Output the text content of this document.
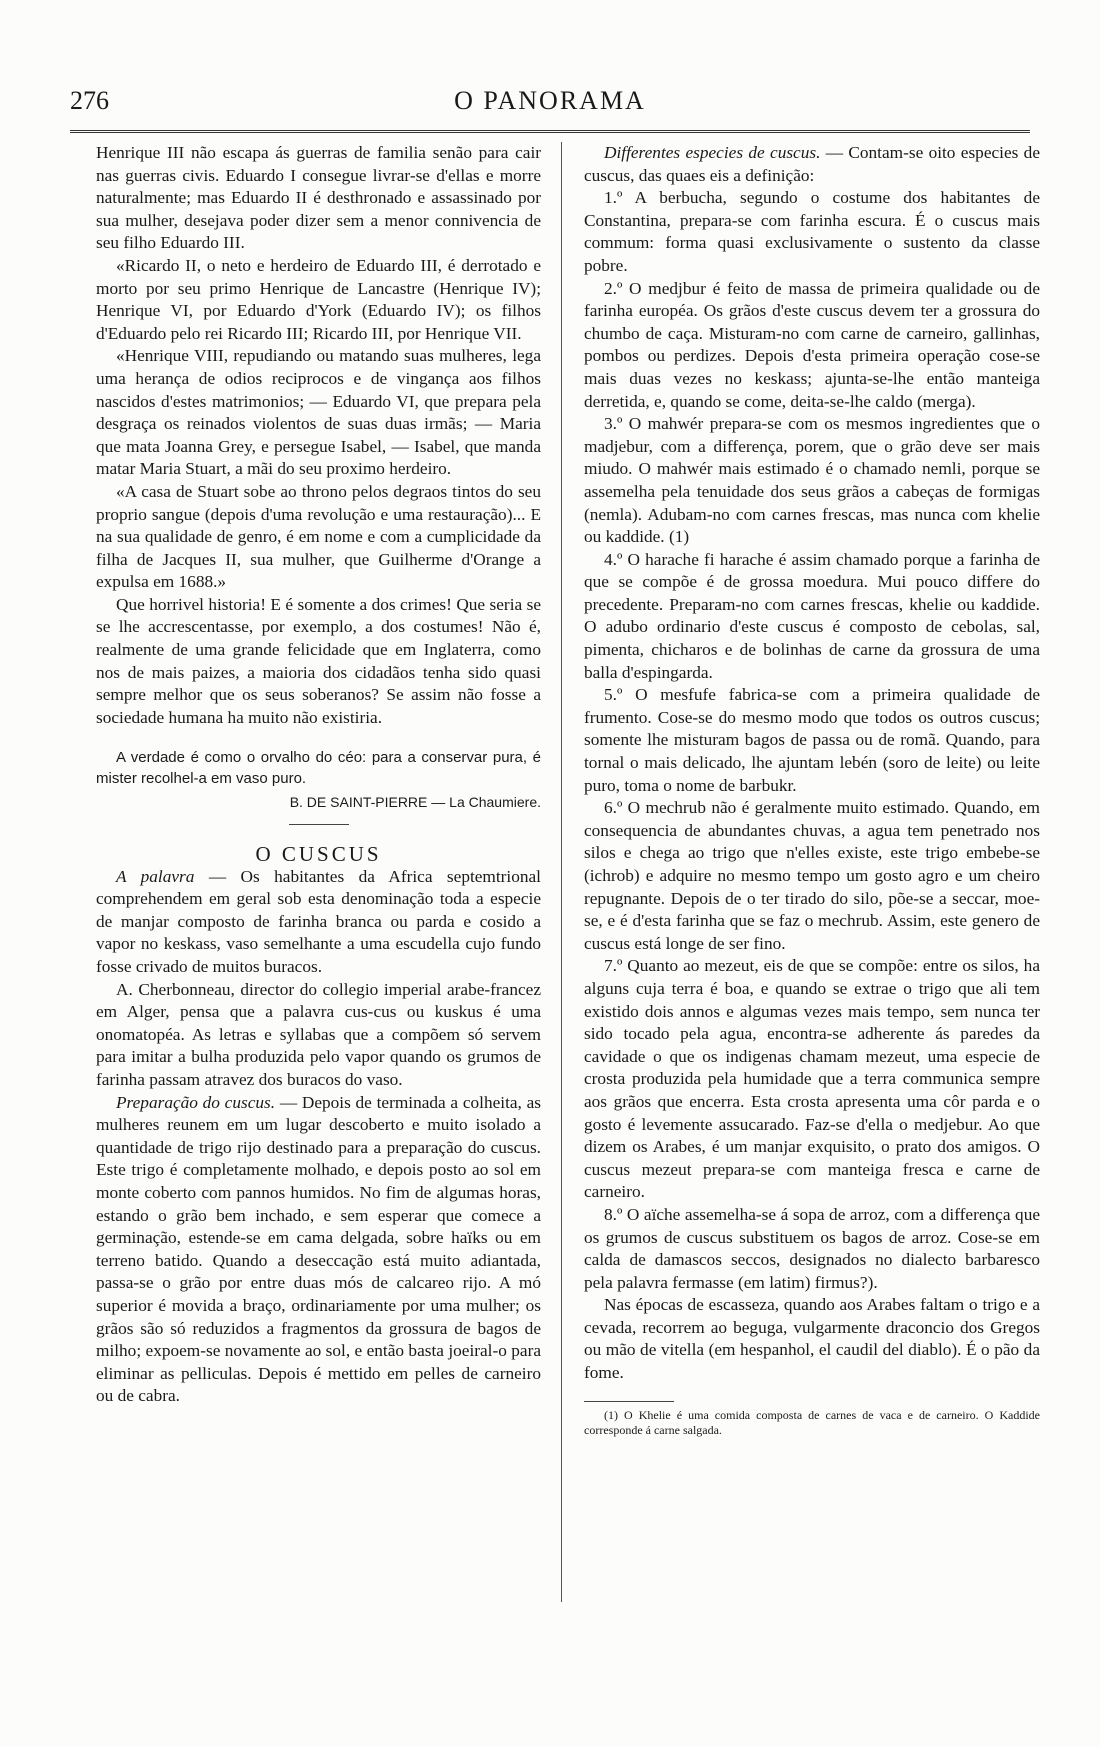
276	O PANORAMA

Henrique III não escapa ás guerras de familia senão para cair nas guerras civis. Eduardo I consegue livrar-se d'ellas e morre naturalmente; mas Eduardo II é desthronado e assassinado por sua mulher, desejava poder dizer sem a menor connivencia de seu filho Eduardo III.

«Ricardo II, o neto e herdeiro de Eduardo III, é derrotado e morto por seu primo Henrique de Lancastre (Henrique IV); Henrique VI, por Eduardo d'York (Eduardo IV); os filhos d'Eduardo pelo rei Ricardo III; Ricardo III, por Henrique VII.

«Henrique VIII, repudiando ou matando suas mulheres, lega uma herança de odios reciprocos e de vingança aos filhos nascidos d'estes matrimonios; — Eduardo VI, que prepara pela desgraça os reinados violentos de suas duas irmãs; — Maria que mata Joanna Grey, e persegue Isabel, — Isabel, que manda matar Maria Stuart, a mãi do seu proximo herdeiro.

«A casa de Stuart sobe ao throno pelos degraos tintos do seu proprio sangue (depois d'uma revolução e uma restauração)... E na sua qualidade de genro, é em nome e com a cumplicidade da filha de Jacques II, sua mulher, que Guilherme d'Orange a expulsa em 1688.»

Que horrivel historia! E é somente a dos crimes! Que seria se se lhe accrescentasse, por exemplo, a dos costumes! Não é, realmente de uma grande felicidade que em Inglaterra, como nos de mais paizes, a maioria dos cidadãos tenha sido quasi sempre melhor que os seus soberanos? Se assim não fosse a sociedade humana ha muito não existiria.

A verdade é como o orvalho do céo: para a conservar pura, é mister recolhel-a em vaso puro.

B. DE SAINT-PIERRE — La Chaumiere.

O CUSCUS

A palavra — Os habitantes da Africa septemtrional comprehendem em geral sob esta denominação toda a especie de manjar composto de farinha branca ou parda e cosido a vapor no keskass, vaso semelhante a uma escudella cujo fundo fosse crivado de muitos buracos.

A. Cherbonneau, director do collegio imperial arabe-francez em Alger, pensa que a palavra cus-cus ou kuskus é uma onomatopéa. As letras e syllabas que a compõem só servem para imitar a bulha produzida pelo vapor quando os grumos de farinha passam atravez dos buracos do vaso.

Preparação do cuscus. — Depois de terminada a colheita, as mulheres reunem em um lugar descoberto e muito isolado a quantidade de trigo rijo destinado para a preparação do cuscus. Este trigo é completamente molhado, e depois posto ao sol em monte coberto com pannos humidos. No fim de algumas horas, estando o grão bem inchado, e sem esperar que comece a germinação, estende-se em cama delgada, sobre haïks ou em terreno batido. Quando a deseccação está muito adiantada, passa-se o grão por entre duas mós de calcareo rijo. A mó superior é movida a braço, ordinariamente por uma mulher; os grãos são só reduzidos a fragmentos da grossura de bagos de milho; expoem-se novamente ao sol, e então basta joeiral-o para eliminar as pelliculas. Depois é mettido em pelles de carneiro ou de cabra.

Differentes especies de cuscus. — Contam-se oito especies de cuscus, das quaes eis a definição:

1.º A berbucha, segundo o costume dos habitantes de Constantina, prepara-se com farinha escura. É o cuscus mais commum: forma quasi exclusivamente o sustento da classe pobre.

2.º O medjbur é feito de massa de primeira qualidade ou de farinha européa. Os grãos d'este cuscus devem ter a grossura do chumbo de caça. Misturam-no com carne de carneiro, gallinhas, pombos ou perdizes. Depois d'esta primeira operação cose-se mais duas vezes no keskass; ajunta-se-lhe então manteiga derretida, e, quando se come, deita-se-lhe caldo (merga).

3.º O mahwér prepara-se com os mesmos ingredientes que o madjebur, com a differença, porem, que o grão deve ser mais miudo. O mahwér mais estimado é o chamado nemli, porque se assemelha pela tenuidade dos seus grãos a cabeças de formigas (nemla). Adubam-no com carnes frescas, mas nunca com khelie ou kaddide. (1)

4.º O harache fi harache é assim chamado porque a farinha de que se compõe é de grossa moedura. Mui pouco differe do precedente. Preparam-no com carnes frescas, khelie ou kaddide. O adubo ordinario d'este cuscus é composto de cebolas, sal, pimenta, chicharos e de bolinhas de carne da grossura de uma balla d'espingarda.

5.º O mesfufe fabrica-se com a primeira qualidade de frumento. Cose-se do mesmo modo que todos os outros cuscus; somente lhe misturam bagos de passa ou de romã. Quando, para tornal o mais delicado, lhe ajuntam lebén (soro de leite) ou leite puro, toma o nome de barbukr.

6.º O mechrub não é geralmente muito estimado. Quando, em consequencia de abundantes chuvas, a agua tem penetrado nos silos e chega ao trigo que n'elles existe, este trigo embebe-se (ichrob) e adquire no mesmo tempo um gosto agro e um cheiro repugnante. Depois de o ter tirado do silo, põe-se a seccar, moe-se, e é d'esta farinha que se faz o mechrub. Assim, este genero de cuscus está longe de ser fino.

7.º Quanto ao mezeut, eis de que se compõe: entre os silos, ha alguns cuja terra é boa, e quando se extrae o trigo que ali tem existido dois annos e algumas vezes mais tempo, sem nunca ter sido tocado pela agua, encontra-se adherente ás paredes da cavidade o que os indigenas chamam mezeut, uma especie de crosta produzida pela humidade que a terra communica sempre aos grãos que encerra. Esta crosta apresenta uma côr parda e o gosto é levemente assucarado. Faz-se d'ella o medjebur. Ao que dizem os Arabes, é um manjar exquisito, o prato dos amigos. O cuscus mezeut prepara-se com manteiga fresca e carne de carneiro.

8.º O aïche assemelha-se á sopa de arroz, com a differença que os grumos de cuscus substituem os bagos de arroz. Cose-se em calda de damascos seccos, designados no dialecto barbaresco pela palavra fermasse (em latim) firmus?).

Nas épocas de escasseza, quando aos Arabes faltam o trigo e a cevada, recorrem ao beguga, vulgarmente draconcio dos Gregos ou mão de vitella (em hespanhol, el caudil del diablo). É o pão da fome.

(1) O Khelie é uma comida composta de carnes de vaca e de carneiro. O Kaddide corresponde á carne salgada.
